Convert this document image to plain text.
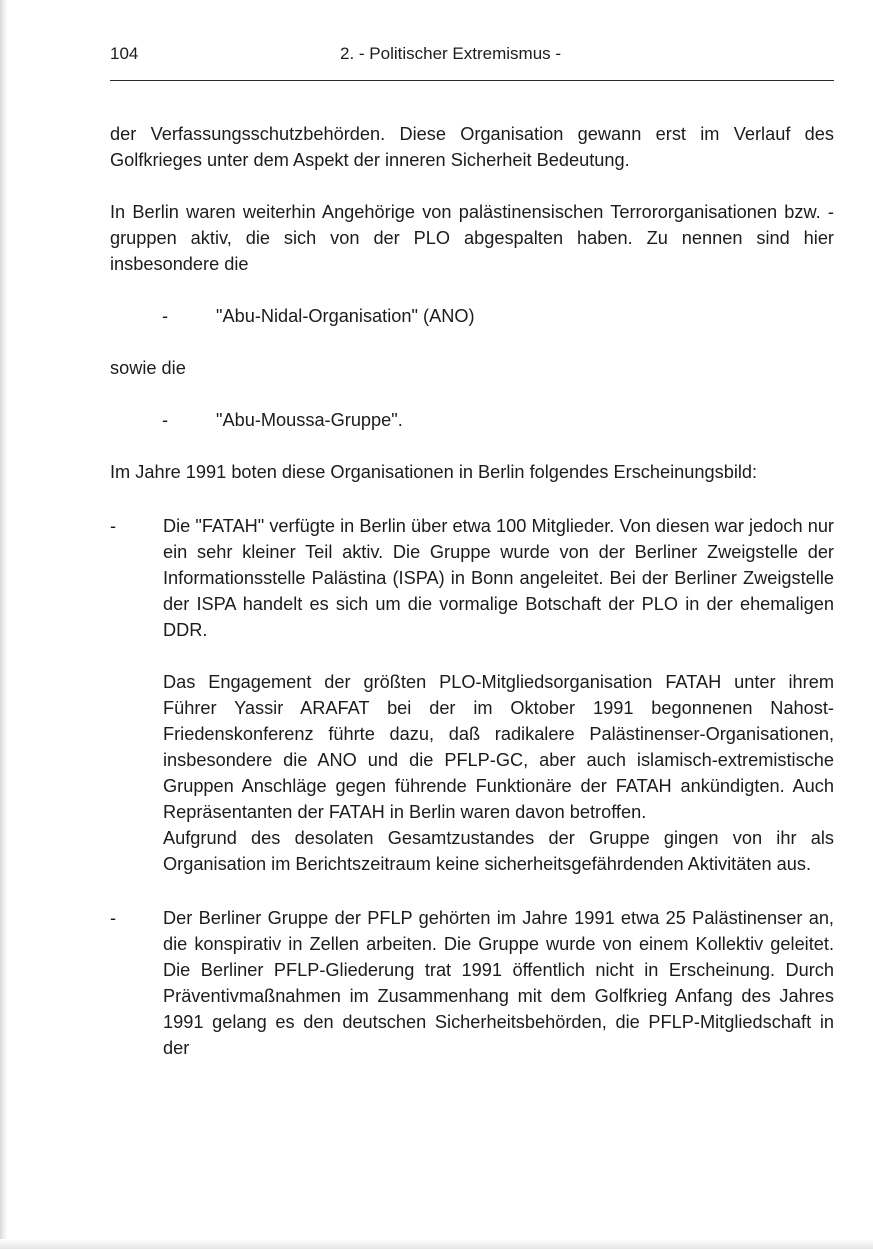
104	2. - Politischer Extremismus -

der Verfassungsschutzbehörden. Diese Organisation gewann erst im Verlauf des Golfkrieges unter dem Aspekt der inneren Sicherheit Bedeutung.

In Berlin waren weiterhin Angehörige von palästinensischen Terrororganisationen bzw. -gruppen aktiv, die sich von der PLO abgespalten haben. Zu nennen sind hier insbesondere die

-	"Abu-Nidal-Organisation" (ANO)

sowie die

-	"Abu-Moussa-Gruppe".

Im Jahre 1991 boten diese Organisationen in Berlin folgendes Erscheinungsbild:

-	Die "FATAH" verfügte in Berlin über etwa 100 Mitglieder. Von diesen war jedoch nur ein sehr kleiner Teil aktiv. Die Gruppe wurde von der Berliner Zweigstelle der Informationsstelle Palästina (ISPA) in Bonn angeleitet. Bei der Berliner Zweigstelle der ISPA handelt es sich um die vormalige Botschaft der PLO in der ehemaligen DDR.

Das Engagement der größten PLO-Mitgliedsorganisation FATAH unter ihrem Führer Yassir ARAFAT bei der im Oktober 1991 begonnenen Nahost-Friedenskonferenz führte dazu, daß radikalere Palästinenser-Organisationen, insbesondere die ANO und die PFLP-GC, aber auch islamisch-extremistische Gruppen Anschläge gegen führende Funktionäre der FATAH ankündigten. Auch Repräsentanten der FATAH in Berlin waren davon betroffen.

Aufgrund des desolaten Gesamtzustandes der Gruppe gingen von ihr als Organisation im Berichtszeitraum keine sicherheitsgefährdenden Aktivitäten aus.

-	Der Berliner Gruppe der PFLP gehörten im Jahre 1991 etwa 25 Palästinenser an, die konspirativ in Zellen arbeiten. Die Gruppe wurde von einem Kollektiv geleitet. Die Berliner PFLP-Gliederung trat 1991 öffentlich nicht in Erscheinung. Durch Präventivmaßnahmen im Zusammenhang mit dem Golfkrieg Anfang des Jahres 1991 gelang es den deutschen Sicherheitsbehörden, die PFLP-Mitgliedschaft in der
